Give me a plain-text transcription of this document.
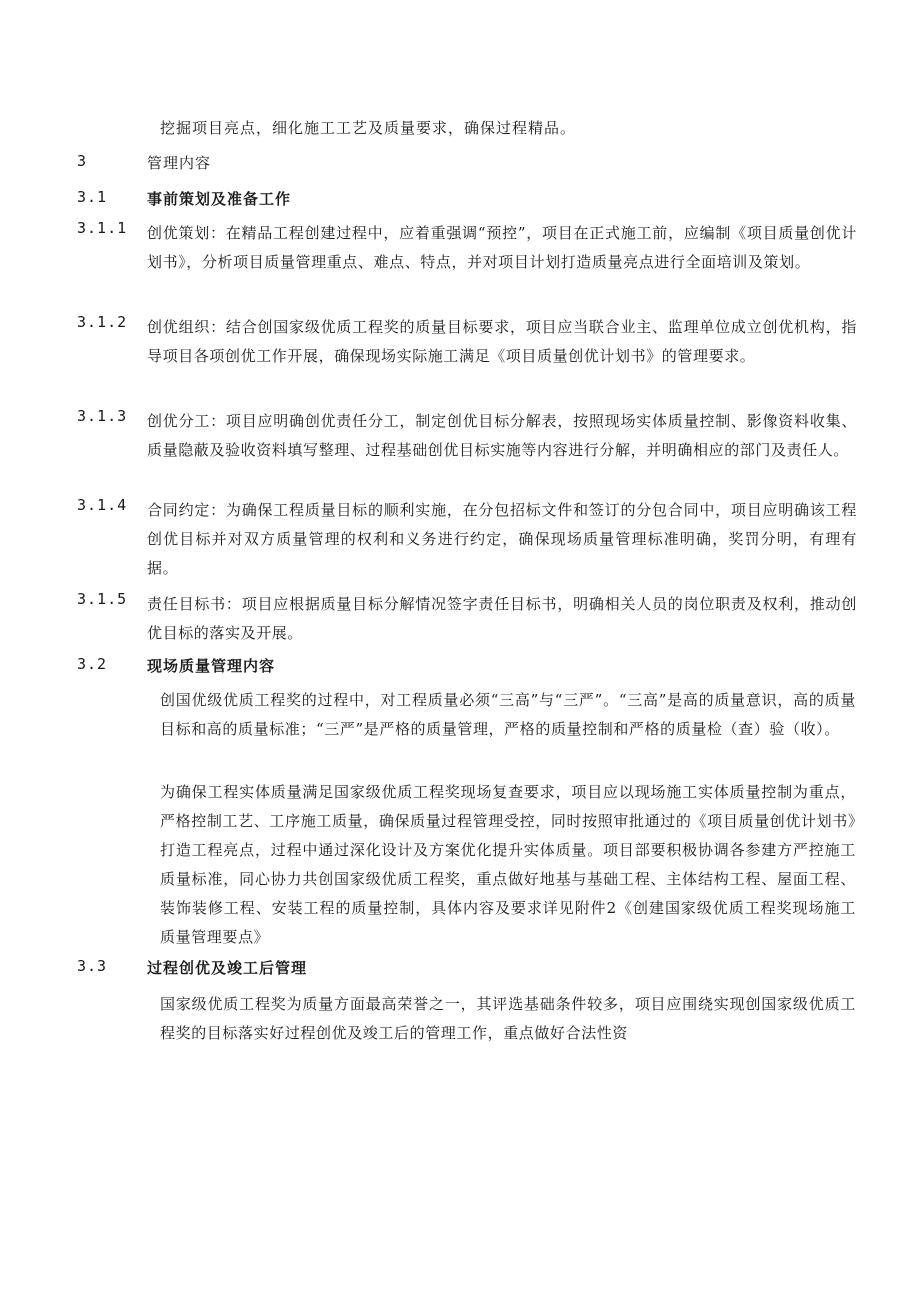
挖掘项目亮点，细化施工工艺及质量要求，确保过程精品。
3	管理内容
3.1	事前策划及准备工作
3.1.1 创优策划：在精品工程创建过程中，应着重强调“预控”，项目在正式施工前，应编制《项目质量创优计划书》，分析项目质量管理重点、难点、特点，并对项目计划打造质量亮点进行全面培训及策划。
3.1.2 创优组织：结合创国家级优质工程奖的质量目标要求，项目应当联合业主、监理单位成立创优机构，指导项目各项创优工作开展，确保现场实际施工满足《项目质量创优计划书》的管理要求。
3.1.3 创优分工：项目应明确创优责任分工，制定创优目标分解表，按照现场实体质量控制、影像资料收集、质量隐蔽及验收资料填写整理、过程基础创优目标实施等内容进行分解，并明确相应的部门及责任人。
3.1.4 合同约定：为确保工程质量目标的顺利实施，在分包招标文件和签订的分包合同中，项目应明确该工程创优目标并对双方质量管理的权利和义务进行约定，确保现场质量管理标准明确，奖罚分明，有理有据。
3.1.5 责任目标书：项目应根据质量目标分解情况签字责任目标书，明确相关人员的岗位职责及权利，推动创优目标的落实及开展。
3.2	现场质量管理内容
创国优级优质工程奖的过程中，对工程质量必须“三高”与“三严”。“三高”是高的质量意识，高的质量目标和高的质量标准；“三严”是严格的质量管理，严格的质量控制和严格的质量检（查）验（收）。
为确保工程实体质量满足国家级优质工程奖现场复查要求，项目应以现场施工实体质量控制为重点，严格控制工艺、工序施工质量，确保质量过程管理受控，同时按照审批通过的《项目质量创优计划书》打造工程亮点，过程中通过深化设计及方案优化提升实体质量。项目部要积极协调各参建方严控施工质量标准，同心协力共创国家级优质工程奖，重点做好地基与基础工程、主体结构工程、屋面工程、装饰装修工程、安装工程的质量控制，具体内容及要求详见附件2《创建国家级优质工程奖现场施工质量管理要点》
3.3	过程创优及竣工后管理
国家级优质工程奖为质量方面最高荣誉之一，其评选基础条件较多，项目应围绕实现创国家级优质工程奖的目标落实好过程创优及竣工后的管理工作，重点做好合法性资
